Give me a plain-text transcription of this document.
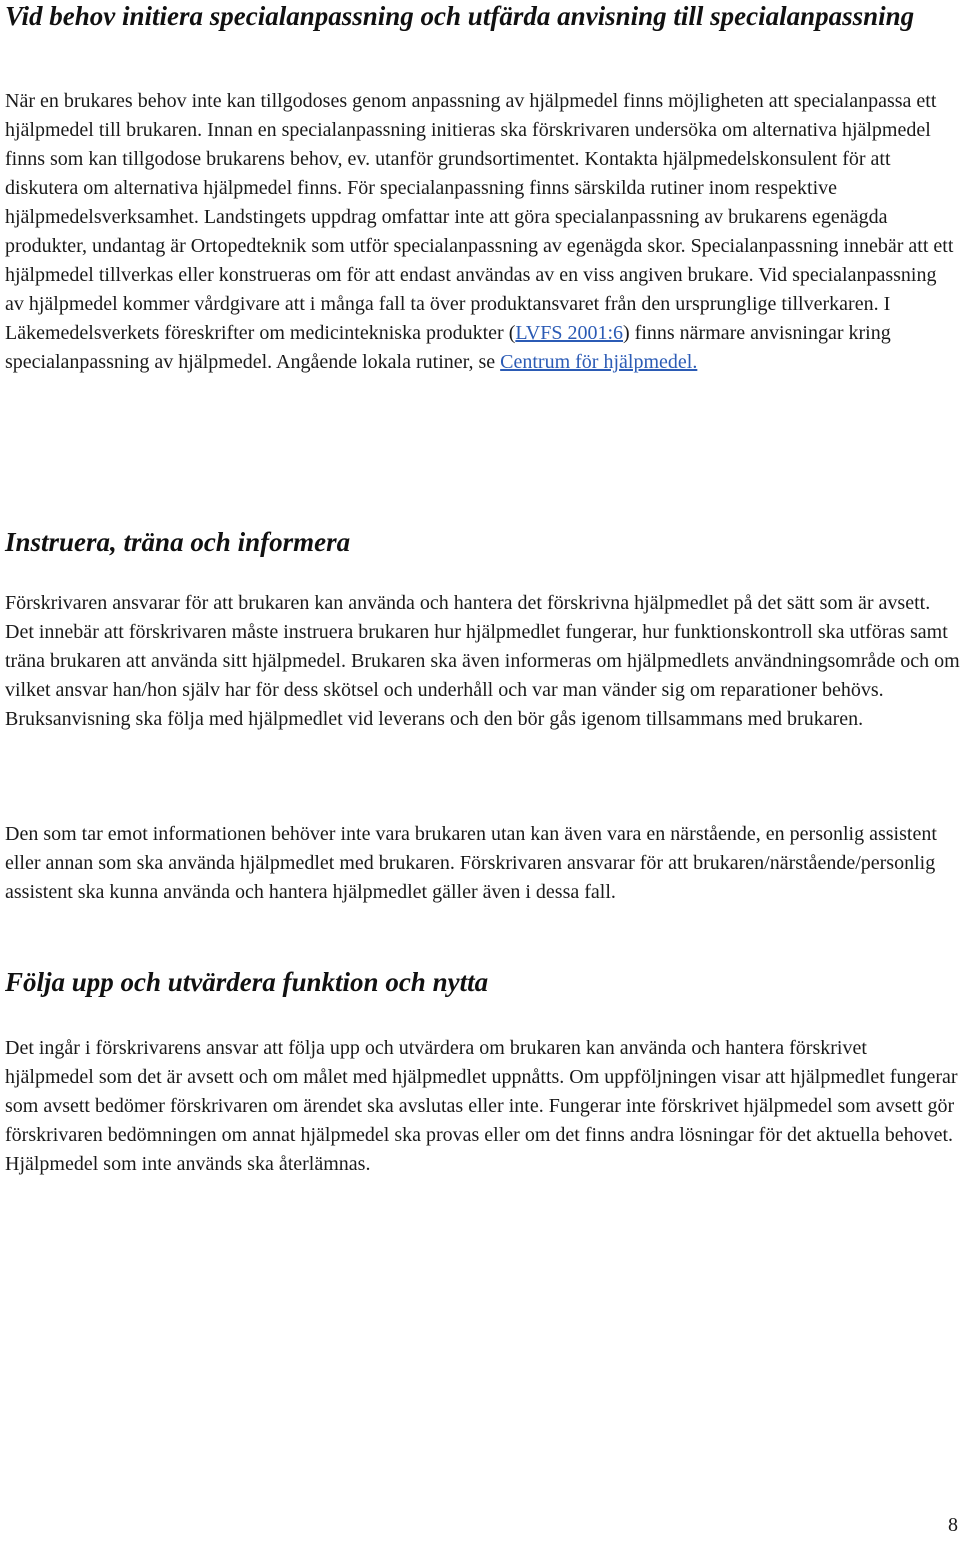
Vid behov initiera specialanpassning och utfärda anvisning till specialanpassning

När en brukares behov inte kan tillgodoses genom anpassning av hjälpmedel finns möjligheten att specialanpassa ett hjälpmedel till brukaren. Innan en specialanpassning initieras ska förskrivaren undersöka om alternativa hjälpmedel finns som kan tillgodose brukarens behov, ev. utanför grundsortimentet. Kontakta hjälpmedelskonsulent för att diskutera om alternativa hjälpmedel finns. För specialanpassning finns särskilda rutiner inom respektive hjälpmedelsverksamhet. Landstingets uppdrag omfattar inte att göra specialanpassning av brukarens egenägda produkter, undantag är Ortopedteknik som utför specialanpassning av egenägda skor. Specialanpassning innebär att ett hjälpmedel tillverkas eller konstrueras om för att endast användas av en viss angiven brukare. Vid specialanpassning av hjälpmedel kommer vårdgivare att i många fall ta över produktansvaret från den ursprunglige tillverkaren. I Läkemedelsverkets föreskrifter om medicintekniska produkter (LVFS 2001:6) finns närmare anvisningar kring specialanpassning av hjälpmedel. Angående lokala rutiner, se Centrum för hjälpmedel.

Instruera, träna och informera

Förskrivaren ansvarar för att brukaren kan använda och hantera det förskrivna hjälpmedlet på det sätt som är avsett. Det innebär att förskrivaren måste instruera brukaren hur hjälpmedlet fungerar, hur funktionskontroll ska utföras samt träna brukaren att använda sitt hjälpmedel. Brukaren ska även informeras om hjälpmedlets användningsområde och om vilket ansvar han/hon själv har för dess skötsel och underhåll och var man vänder sig om reparationer behövs. Bruksanvisning ska följa med hjälpmedlet vid leverans och den bör gås igenom tillsammans med brukaren.

Den som tar emot informationen behöver inte vara brukaren utan kan även vara en närstående, en personlig assistent eller annan som ska använda hjälpmedlet med brukaren. Förskrivaren ansvarar för att brukaren/närstående/personlig assistent ska kunna använda och hantera hjälpmedlet gäller även i dessa fall.

Följa upp och utvärdera funktion och nytta

Det ingår i förskrivarens ansvar att följa upp och utvärdera om brukaren kan använda och hantera förskrivet hjälpmedel som det är avsett och om målet med hjälpmedlet uppnåtts. Om uppföljningen visar att hjälpmedlet fungerar som avsett bedömer förskrivaren om ärendet ska avslutas eller inte. Fungerar inte förskrivet hjälpmedel som avsett gör förskrivaren bedömningen om annat hjälpmedel ska provas eller om det finns andra lösningar för det aktuella behovet. Hjälpmedel som inte används ska återlämnas.

8
